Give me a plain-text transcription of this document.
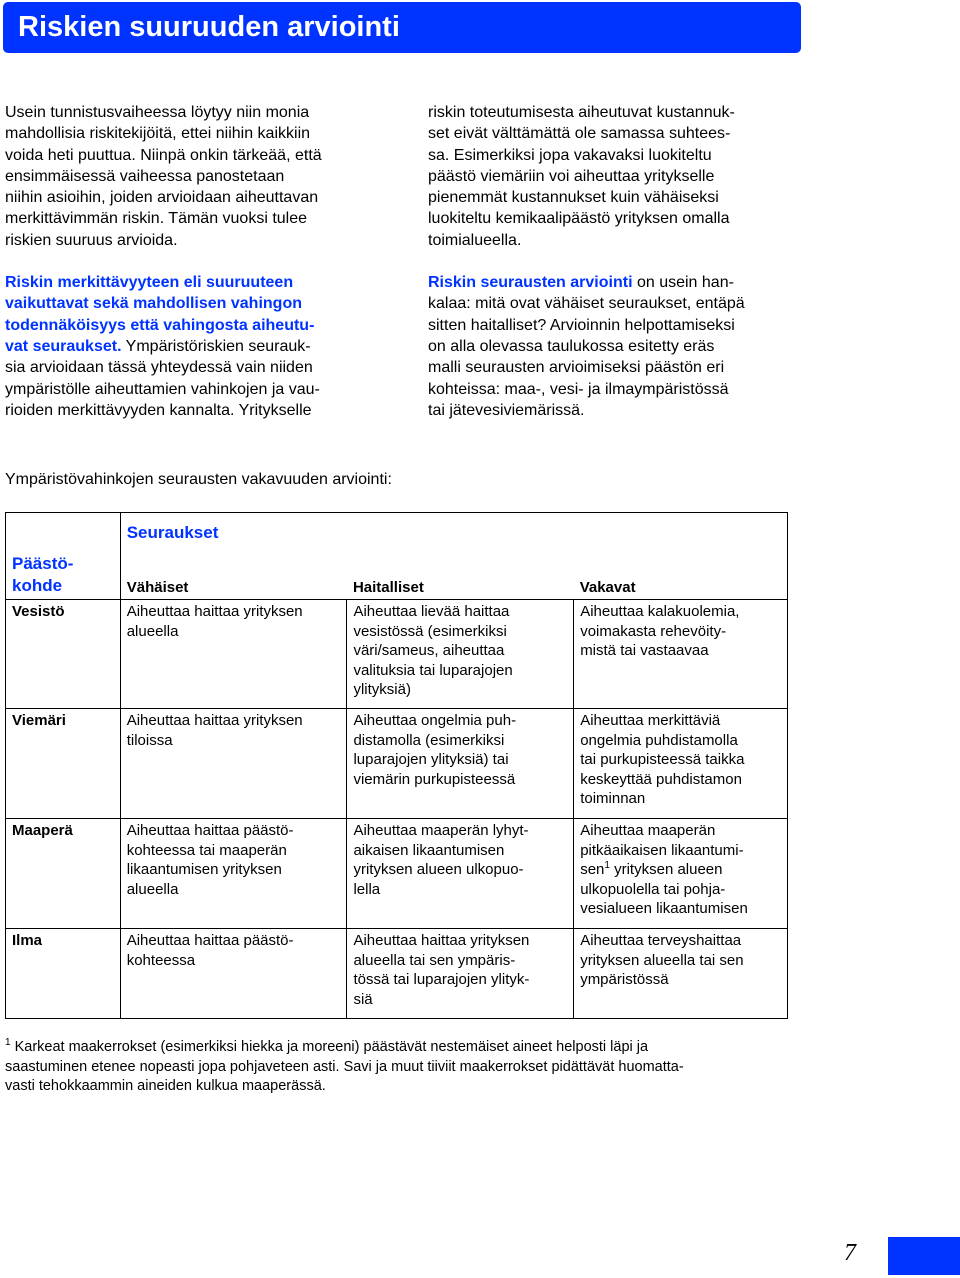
Riskien suuruuden arviointi
Usein tunnistusvaiheessa löytyy niin monia
mahdollisia riskitekijöitä, ettei niihin kaikkiin
voida heti puuttua. Niinpä onkin tärkeää, että
ensimmäisessä vaiheessa panostetaan
niihin asioihin, joiden arvioidaan aiheuttavan
merkittävimmän riskin. Tämän vuoksi tulee
riskien suuruus arvioida.
Riskin merkittävyyteen eli suuruuteen
vaikuttavat sekä mahdollisen vahingon
todennäköisyys että vahingosta aiheutu-
vat seuraukset. Ympäristöriskien seurauk-
sia arvioidaan tässä yhteydessä vain niiden
ympäristölle aiheuttamien vahinkojen ja vau-
rioiden merkittävyyden kannalta. Yritykselle
riskin toteutumisesta aiheutuvat kustannuk-
set eivät välttämättä ole samassa suhtees-
sa. Esimerkiksi jopa vakavaksi luokiteltu
päästö viemäriin voi aiheuttaa yritykselle
pienemmät kustannukset kuin vähäiseksi
luokiteltu kemikaalipäästö yrityksen omalla
toimialueella.
Riskin seurausten arviointi on usein han-
kalaa: mitä ovat vähäiset seuraukset, entäpä
sitten haitalliset? Arvioinnin helpottamiseksi
on alla olevassa taulukossa esitetty eräs
malli seurausten arvioimiseksi päästön eri
kohteissa: maa-, vesi- ja ilmaympäristössä
tai jätevesiviemärissä.
Ympäristövahinkojen seurausten vakavuuden arviointi:
	Seuraukset		

Päästö-
kohde	Vähäiset	Haitalliset	Vakavat
Vesistö	Aiheuttaa haittaa yrityksen
alueella	Aiheuttaa lievää haittaa
vesistössä (esimerkiksi
väri/sameus, aiheuttaa
valituksia tai luparajojen
ylityksiä)	Aiheuttaa kalakuolemia,
voimakasta rehevöity-
mistä tai vastaavaa

Viemäri	Aiheuttaa haittaa yrityksen
tiloissa	Aiheuttaa ongelmia puh-
distamolla (esimerkiksi
luparajojen ylityksiä) tai
viemärin purkupisteessä	Aiheuttaa merkittäviä
ongelmia puhdistamolla
tai purkupisteessä taikka
keskeyttää puhdistamon
toiminnan

Maaperä	Aiheuttaa haittaa päästö-
kohteessa tai maaperän
likaantumisen yrityksen
alueella	Aiheuttaa maaperän lyhyt-
aikaisen likaantumisen
yrityksen alueen ulkopuo-
lella	Aiheuttaa maaperän
pitkäaikaisen likaantumi-
sen$^1$ yrityksen alueen
ulkopuolella tai pohja-
vesialueen likaantumisen

Ilma	Aiheuttaa haittaa päästö-
kohteessa	Aiheuttaa haittaa yrityksen
alueella tai sen ympäris-
tössä tai luparajojen ylityk-
siä	Aiheuttaa terveyshaittaa
yrityksen alueella tai sen
ympäristössä
$^1$ Karkeat maakerrokset (esimerkiksi hiekka ja moreeni) päästävät nestemäiset aineet helposti läpi ja
saastuminen etenee nopeasti jopa pohjaveteen asti. Savi ja muut tiiviit maakerrokset pidättävät huomatta-
vasti tehokkaammin aineiden kulkua maaperässä.
7
